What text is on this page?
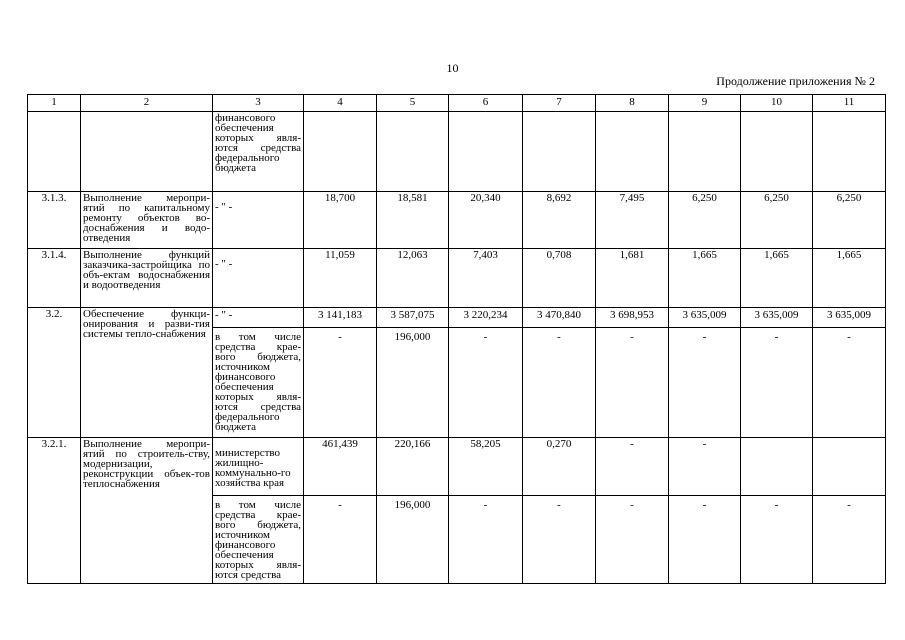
10
Продолжение приложения № 2
1	2	3	4	5	6	7	8	9	10	11
		финансового обеспечения которых явля-ются средства федерального бюджета								
3.1.3.	Выполнение меропри-ятий по капитальному ремонту объектов во-доснабжения и водо-отведения	- " -	18,700	18,581	20,340	8,692	7,495	6,250	6,250	6,250
3.1.4.	Выполнение функций заказчика-застройщика по объ-ектам водоснабжения и водоотведения	- " -	11,059	12,063	7,403	0,708	1,681	1,665	1,665	1,665
3.2.	Обеспечение функци-онирования и разви-тия системы тепло-снабжения	- " -	3 141,183	3 587,075	3 220,234	3 470,840	3 698,953	3 635,009	3 635,009	3 635,009
		в том числе средства крае-вого бюджета, источником финансового обеспечения которых явля-ются средства федерального бюджета	-	196,000	-	-	-	-	-	-
3.2.1.	Выполнение меропри-ятий по строитель-ству, модернизации, реконструкции объек-тов теплоснабжения	министерство жилищно-коммунально-го хозяйства края	461,439	220,166	58,205	0,270	-	-		
		в том числе средства крае-вого бюджета, источником финансового обеспечения которых явля-ются средства	-	196,000	-	-	-	-	-	-
